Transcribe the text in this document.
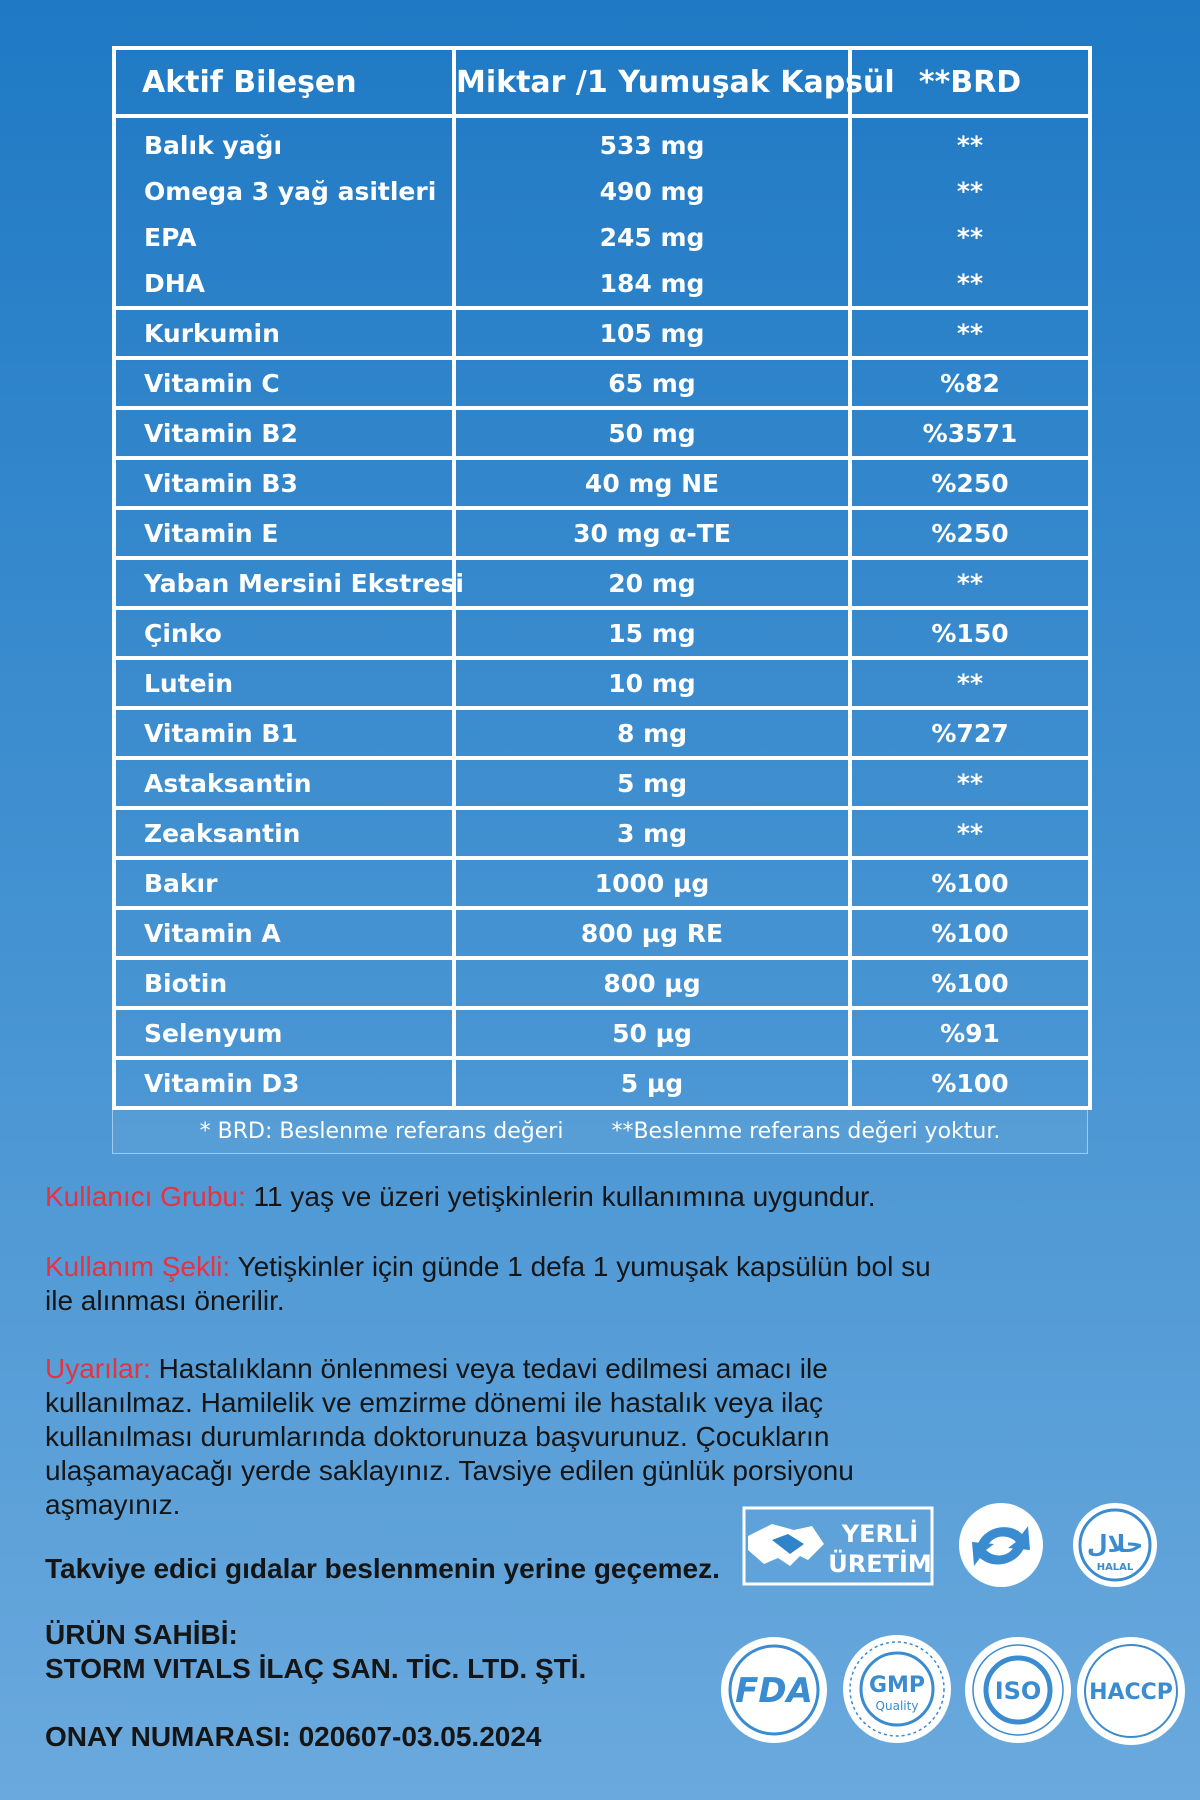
Aktif Bileşen	Miktar /1 Yumuşak Kapsül	**BRD
Balık yağı	533 mg	**
Omega 3 yağ asitleri	490 mg	**
EPA	245 mg	**
DHA	184 mg	**
Kurkumin	105 mg	**
Vitamin C	65 mg	%82
Vitamin B2	50 mg	%3571
Vitamin B3	40 mg NE	%250
Vitamin E	30 mg α-TE	%250
Yaban Mersini Ekstresi	20 mg	**
Çinko	15 mg	%150
Lutein	10 mg	**
Vitamin B1	8 mg	%727
Astaksantin	5 mg	**
Zeaksantin	3 mg	**
Bakır	1000 µg	%100
Vitamin A	800 µg RE	%100
Biotin	800 µg	%100
Selenyum	50 µg	%91
Vitamin D3	5 µg	%100
* BRD: Beslenme referans değeri **Beslenme referans değeri yoktur.
Kullanıcı Grubu: 11 yaş ve üzeri yetişkinlerin kullanımına uygundur.
Kullanım Şekli: Yetişkinler için günde 1 defa 1 yumuşak kapsülün bol su ile alınması önerilir.
Uyarılar: Hastalıklann önlenmesi veya tedavi edilmesi amacı ile kullanılmaz. Hamilelik ve emzirme dönemi ile hastalık veya ilaç kullanılması durumlarında doktorunuza başvurunuz. Çocukların ulaşamayacağı yerde saklayınız. Tavsiye edilen günlük porsiyonu aşmayınız.
Takviye edici gıdalar beslenmenin yerine geçemez.
ÜRÜN SAHİBİ:
STORM VITALS İLAÇ SAN. TİC. LTD. ŞTİ.
ONAY NUMARASI: 020607-03.05.2024
YERLİ
ÜRETİM
حلال
HALAL
FDA	GMP
Quality
ISO HACCP
